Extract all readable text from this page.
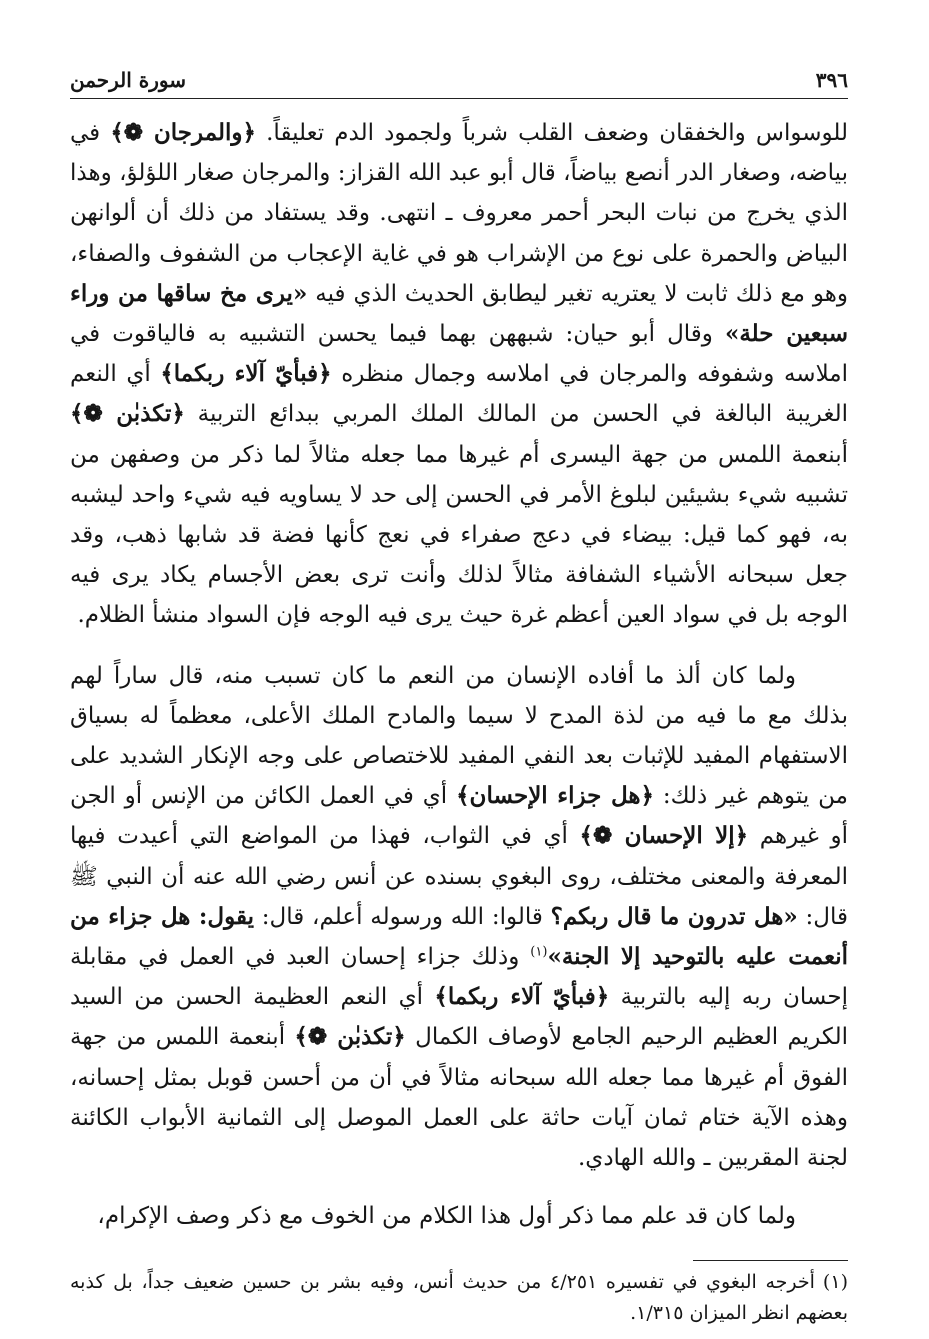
٣٩٦
سورة الرحمن

للوسواس والخفقان وضعف القلب شرباً ولجمود الدم تعليقاً. ﴿والمرجان ❁﴾ في بياضه، وصغار الدر أنصع بياضاً، قال أبو عبد الله القزاز: والمرجان صغار اللؤلؤ، وهذا الذي يخرج من نبات البحر أحمر معروف ـ انتهى. وقد يستفاد من ذلك أن ألوانهن البياض والحمرة على نوع من الإشراب هو في غاية الإعجاب من الشفوف والصفاء، وهو مع ذلك ثابت لا يعتريه تغير ليطابق الحديث الذي فيه «يرى مخ ساقها من وراء سبعين حلة» وقال أبو حيان: شبههن بهما فيما يحسن التشبيه به فالياقوت في املاسه وشفوفه والمرجان في املاسه وجمال منظره ﴿فبأيّ آلاء ربكما﴾ أي النعم الغريبة البالغة في الحسن من المالك الملك المربي ببدائع التربية ﴿تكذبٰن ❁﴾ أبنعمة اللمس من جهة اليسرى أم غيرها مما جعله مثالاً لما ذكر من وصفهن من تشبيه شيء بشيئين لبلوغ الأمر في الحسن إلى حد لا يساويه فيه شيء واحد ليشبه به، فهو كما قيل: بيضاء في دعج صفراء في نعج كأنها فضة قد شابها ذهب، وقد جعل سبحانه الأشياء الشفافة مثالاً لذلك وأنت ترى بعض الأجسام يكاد يرى فيه الوجه بل في سواد العين أعظم غرة حيث يرى فيه الوجه فإن السواد منشأ الظلام.

ولما كان ألذ ما أفاده الإنسان من النعم ما كان تسبب منه، قال ساراً لهم بذلك مع ما فيه من لذة المدح لا سيما والمادح الملك الأعلى، معظماً له بسياق الاستفهام المفيد للإثبات بعد النفي المفيد للاختصاص على وجه الإنكار الشديد على من يتوهم غير ذلك: ﴿هل جزاء الإحسان﴾ أي في العمل الكائن من الإنس أو الجن أو غيرهم ﴿إلا الإحسان ❁﴾ أي في الثواب، فهذا من المواضع التي أعيدت فيها المعرفة والمعنى مختلف، روى البغوي بسنده عن أنس رضي الله عنه أن النبي ﷺ قال: «هل تدرون ما قال ربكم؟ قالوا: الله ورسوله أعلم، قال: يقول: هل جزاء من أنعمت عليه بالتوحيد إلا الجنة»$^{(١)}$ وذلك جزاء إحسان العبد في العمل في مقابلة إحسان ربه إليه بالتربية ﴿فبأيّ آلاء ربكما﴾ أي النعم العظيمة الحسن من السيد الكريم العظيم الرحيم الجامع لأوصاف الكمال ﴿تكذبٰن ❁﴾ أبنعمة اللمس من جهة الفوق أم غيرها مما جعله الله سبحانه مثالاً في أن من أحسن قوبل بمثل إحسانه، وهذه الآية ختام ثمان آيات حاثة على العمل الموصل إلى الثمانية الأبواب الكائنة لجنة المقربين ـ والله الهادي.

ولما كان قد علم مما ذكر أول هذا الكلام من الخوف مع ذكر وصف الإكرام،

(١)أخرجه البغوي في تفسيره ٤/٢٥١ من حديث أنس، وفيه بشر بن حسين ضعيف جداً، بل كذبه بعضهم انظر الميزان ١/٣١٥.
